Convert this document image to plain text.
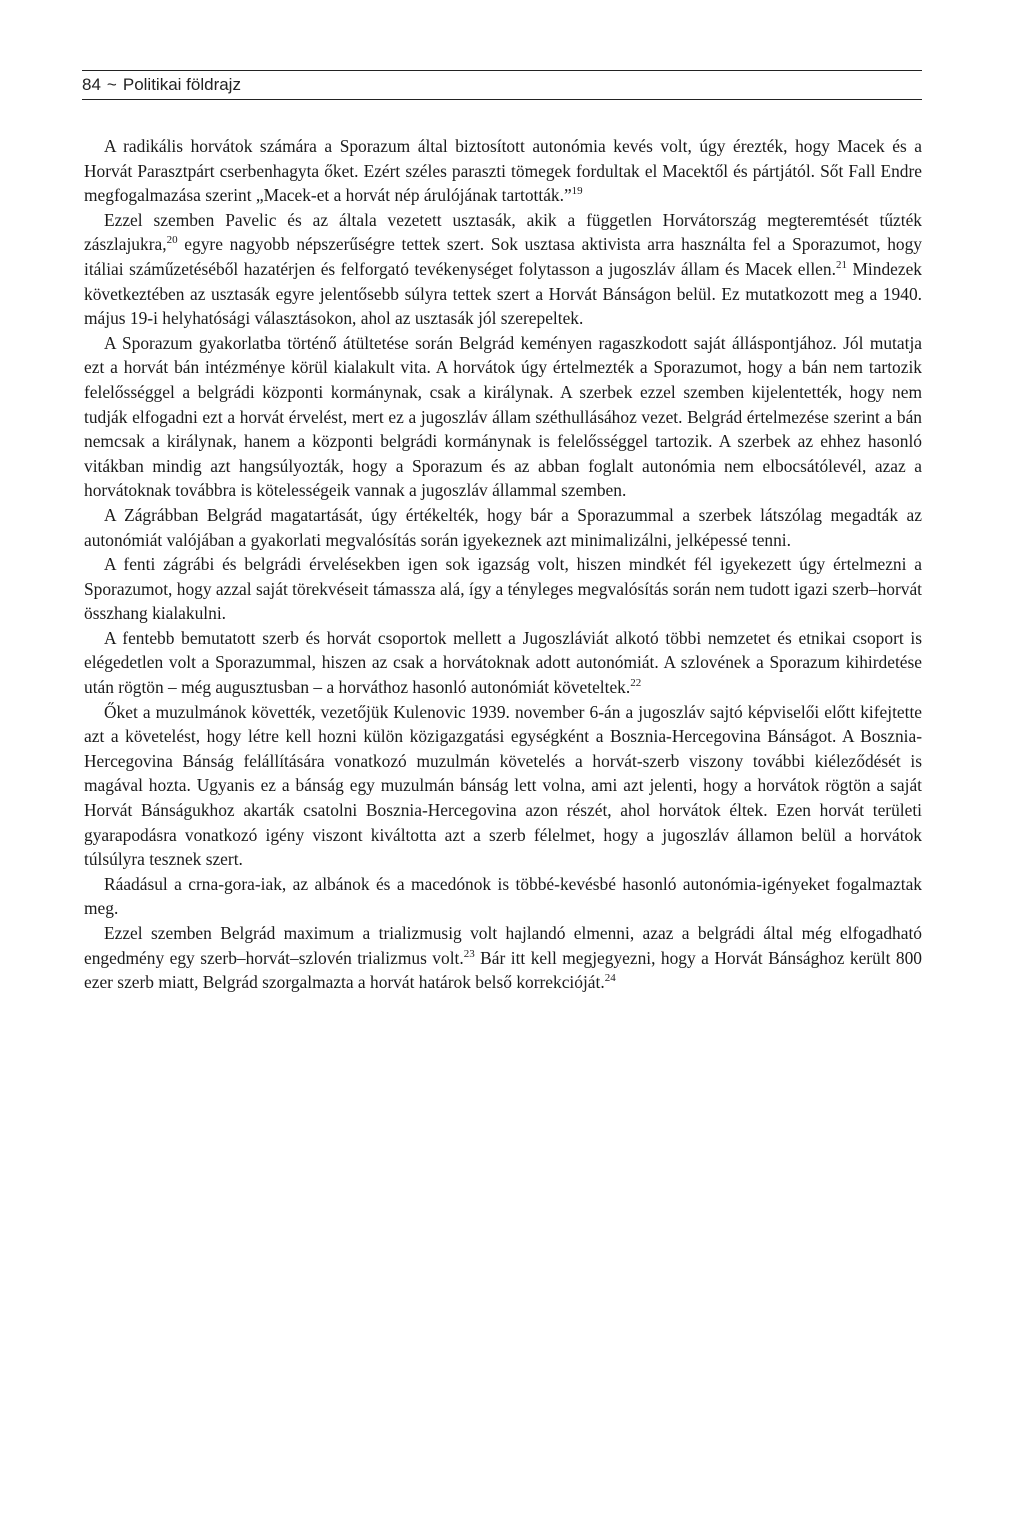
84 ~ Politikai földrajz

A radikális horvátok számára a Sporazum által biztosított autonómia kevés volt, úgy érezték, hogy Macek és a Horvát Parasztpárt cserbenhagyta őket. Ezért széles paraszti tömegek fordultak el Macektől és pártjától. Sőt Fall Endre megfogalmazása szerint „Macek-et a horvát nép árulójának tartották.”$^{19}$

Ezzel szemben Pavelic és az általa vezetett usztasák, akik a független Horvátország megteremtését tűzték zászlajukra,$^{20}$ egyre nagyobb népszerűségre tettek szert. Sok usztasa aktivista arra használta fel a Sporazumot, hogy itáliai száműzetéséből hazatérjen és felforgató tevékenységet folytasson a jugoszláv állam és Macek ellen.$^{21}$ Mindezek következtében az usztasák egyre jelentősebb súlyra tettek szert a Horvát Bánságon belül. Ez mutatkozott meg a 1940. május 19-i helyhatósági választásokon, ahol az usztasák jól szerepeltek.

A Sporazum gyakorlatba történő átültetése során Belgrád keményen ragaszkodott saját álláspontjához. Jól mutatja ezt a horvát bán intézménye körül kialakult vita. A horvátok úgy értelmezték a Sporazumot, hogy a bán nem tartozik felelősséggel a belgrádi központi kormánynak, csak a királynak. A szerbek ezzel szemben kijelentették, hogy nem tudják elfogadni ezt a horvát érvelést, mert ez a jugoszláv állam széthullásához vezet. Belgrád értelmezése szerint a bán nemcsak a királynak, hanem a központi belgrádi kormánynak is felelősséggel tartozik. A szerbek az ehhez hasonló vitákban mindig azt hangsúlyozták, hogy a Sporazum és az abban foglalt autonómia nem elbocsátólevél, azaz a horvátoknak továbbra is kötelességeik vannak a jugoszláv állammal szemben.

A Zágrábban Belgrád magatartását, úgy értékelték, hogy bár a Sporazummal a szerbek látszólag megadták az autonómiát valójában a gyakorlati megvalósítás során igyekeznek azt minimalizálni, jelképessé tenni.

A fenti zágrábi és belgrádi érvelésekben igen sok igazság volt, hiszen mindkét fél igyekezett úgy értelmezni a Sporazumot, hogy azzal saját törekvéseit támassza alá, így a tényleges megvalósítás során nem tudott igazi szerb–horvát összhang kialakulni.

A fentebb bemutatott szerb és horvát csoportok mellett a Jugoszláviát alkotó többi nemzetet és etnikai csoport is elégedetlen volt a Sporazummal, hiszen az csak a horvátoknak adott autonómiát. A szlovének a Sporazum kihirdetése után rögtön – még augusztusban – a horváthoz hasonló autonómiát követeltek.$^{22}$

Őket a muzulmánok követték, vezetőjük Kulenovic 1939. november 6-án a jugoszláv sajtó képviselői előtt kifejtette azt a követelést, hogy létre kell hozni külön közigazgatási egységként a Bosznia-Hercegovina Bánságot. A Bosznia-Hercegovina Bánság felállítására vonatkozó muzulmán követelés a horvát-szerb viszony további kiéleződését is magával hozta. Ugyanis ez a bánság egy muzulmán bánság lett volna, ami azt jelenti, hogy a horvátok rögtön a saját Horvát Bánságukhoz akarták csatolni Bosznia-Hercegovina azon részét, ahol horvátok éltek. Ezen horvát területi gyarapodásra vonatkozó igény viszont kiváltotta azt a szerb félelmet, hogy a jugoszláv államon belül a horvátok túlsúlyra tesznek szert.

Ráadásul a crna-gora-iak, az albánok és a macedónok is többé-kevésbé hasonló autonómia-igényeket fogalmaztak meg.

Ezzel szemben Belgrád maximum a trializmusig volt hajlandó elmenni, azaz a belgrádi által még elfogadható engedmény egy szerb–horvát–szlovén trializmus volt.$^{23}$ Bár itt kell megjegyezni, hogy a Horvát Bánsághoz került 800 ezer szerb miatt, Belgrád szorgalmazta a horvát határok belső korrekcióját.$^{24}$
